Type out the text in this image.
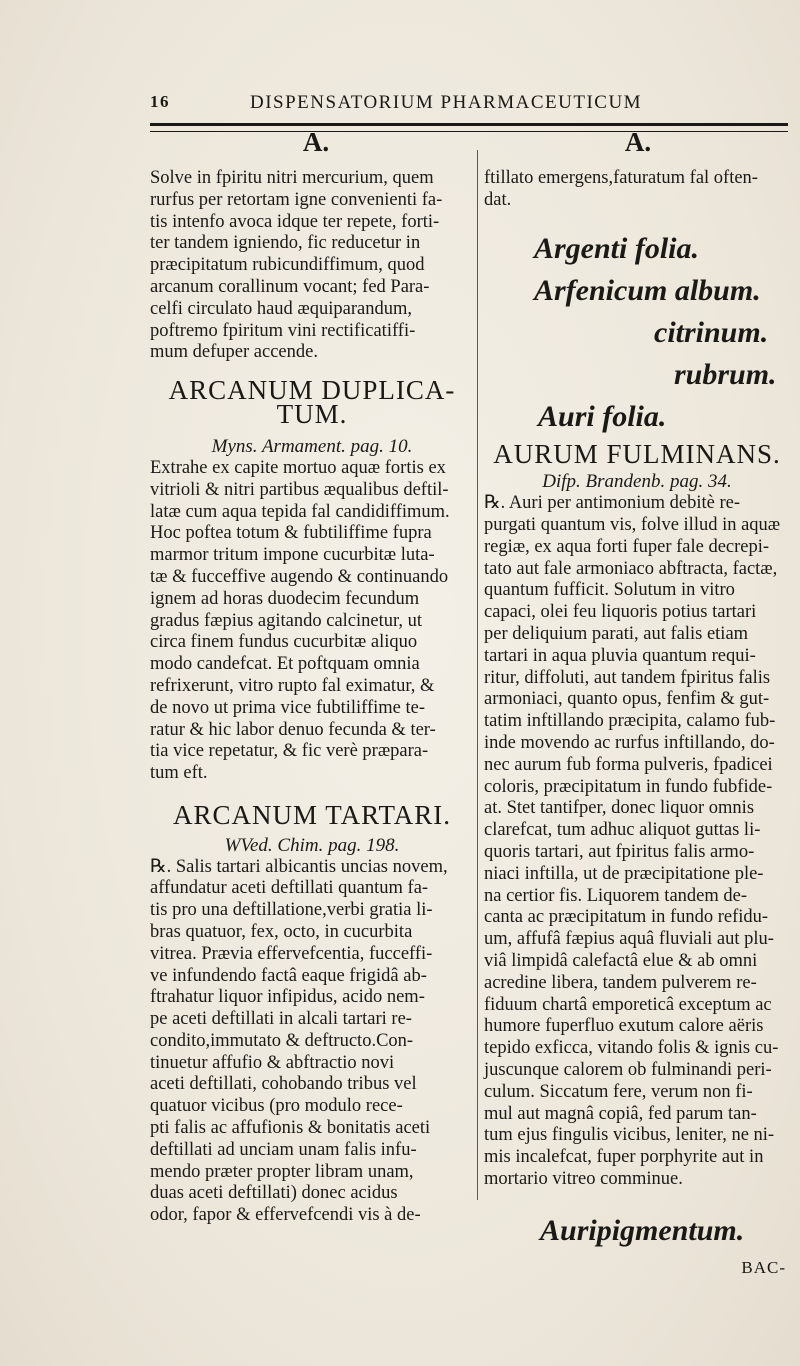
16	DISPENSATORIUM PHARMACEUTICUM
A.	A.
Solve in fpiritu nitri mercurium, quem
rurfus per retortam igne convenienti fa-
tis intenfo avoca idque ter repete, forti-
ter tandem igniendo, fic reducetur in
præcipitatum rubicundiffimum, quod
arcanum corallinum vocant; fed Para-
celfi circulato haud æquiparandum,
poftremo fpiritum vini rectificatiffi-
mum defuper accende.
ARCANUM DUPLICA-
TUM.
Myns. Armament. pag. 10.
Extrahe ex capite mortuo aquæ fortis ex
vitrioli & nitri partibus æqualibus deftil-
latæ cum aqua tepida fal candidiffimum.
Hoc poftea totum & fubtiliffime fupra
marmor tritum impone cucurbitæ luta-
tæ & fucceffive augendo & continuando
ignem ad horas duodecim fecundum
gradus fæpius agitando calcinetur, ut
circa finem fundus cucurbitæ aliquo
modo candefcat. Et poftquam omnia
refrixerunt, vitro rupto fal eximatur, &
de novo ut prima vice fubtiliffime te-
ratur & hic labor denuo fecunda & ter-
tia vice repetatur, & fic verè præpara-
tum eft.
ARCANUM TARTARI.
WVed. Chim. pag. 198.
℞. Salis tartari albicantis uncias novem,
affundatur aceti deftillati quantum fa-
tis pro una deftillatione,verbi gratia li-
bras quatuor, fex, octo, in cucurbita
vitrea. Prævia effervefcentia, fucceffi-
ve infundendo factâ eaque frigidâ ab-
ftrahatur liquor infipidus, acido nem-
pe aceti deftillati in alcali tartari re-
condito,immutato & deftructo.Con-
tinuetur affufio & abftractio novi
aceti deftillati, cohobando tribus vel
quatuor vicibus (pro modulo rece-
pti falis ac affufionis & bonitatis aceti
deftillati ad unciam unam falis infu-
mendo præter propter libram unam,
duas aceti deftillati) donec acidus
odor, fapor & effervefcendi vis à de-
ftillato emergens,faturatum fal often-
dat.
Argenti folia.
Arfenicum album.
citrinum.
rubrum.
Auri folia.
AURUM FULMINANS.
Difp. Brandenb. pag. 34.
℞. Auri per antimonium debitè re-
purgati quantum vis, folve illud in aquæ
regiæ, ex aqua forti fuper fale decrepi-
tato aut fale armoniaco abftracta, factæ,
quantum fufficit. Solutum in vitro
capaci, olei feu liquoris potius tartari
per deliquium parati, aut falis etiam
tartari in aqua pluvia quantum requi-
ritur, diffoluti, aut tandem fpiritus falis
armoniaci, quanto opus, fenfim & gut-
tatim inftillando præcipita, calamo fub-
inde movendo ac rurfus inftillando, do-
nec aurum fub forma pulveris, fpadicei
coloris, præcipitatum in fundo fubfide-
at. Stet tantifper, donec liquor omnis
clarefcat, tum adhuc aliquot guttas li-
quoris tartari, aut fpiritus falis armo-
niaci inftilla, ut de præcipitatione ple-
na certior fis. Liquorem tandem de-
canta ac præcipitatum in fundo refidu-
um, affufâ fæpius aquâ fluviali aut plu-
viâ limpidâ calefactâ elue & ab omni
acredine libera, tandem pulverem re-
fiduum chartâ emporeticâ exceptum ac
humore fuperfluo exutum calore aëris
tepido exficca, vitando folis & ignis cu-
juscunque calorem ob fulminandi peri-
culum. Siccatum fere, verum non fi-
mul aut magnâ copiâ, fed parum tan-
tum ejus fingulis vicibus, leniter, ne ni-
mis incalefcat, fuper porphyrite aut in
mortario vitreo comminue.
Auripigmentum.
BAC-
